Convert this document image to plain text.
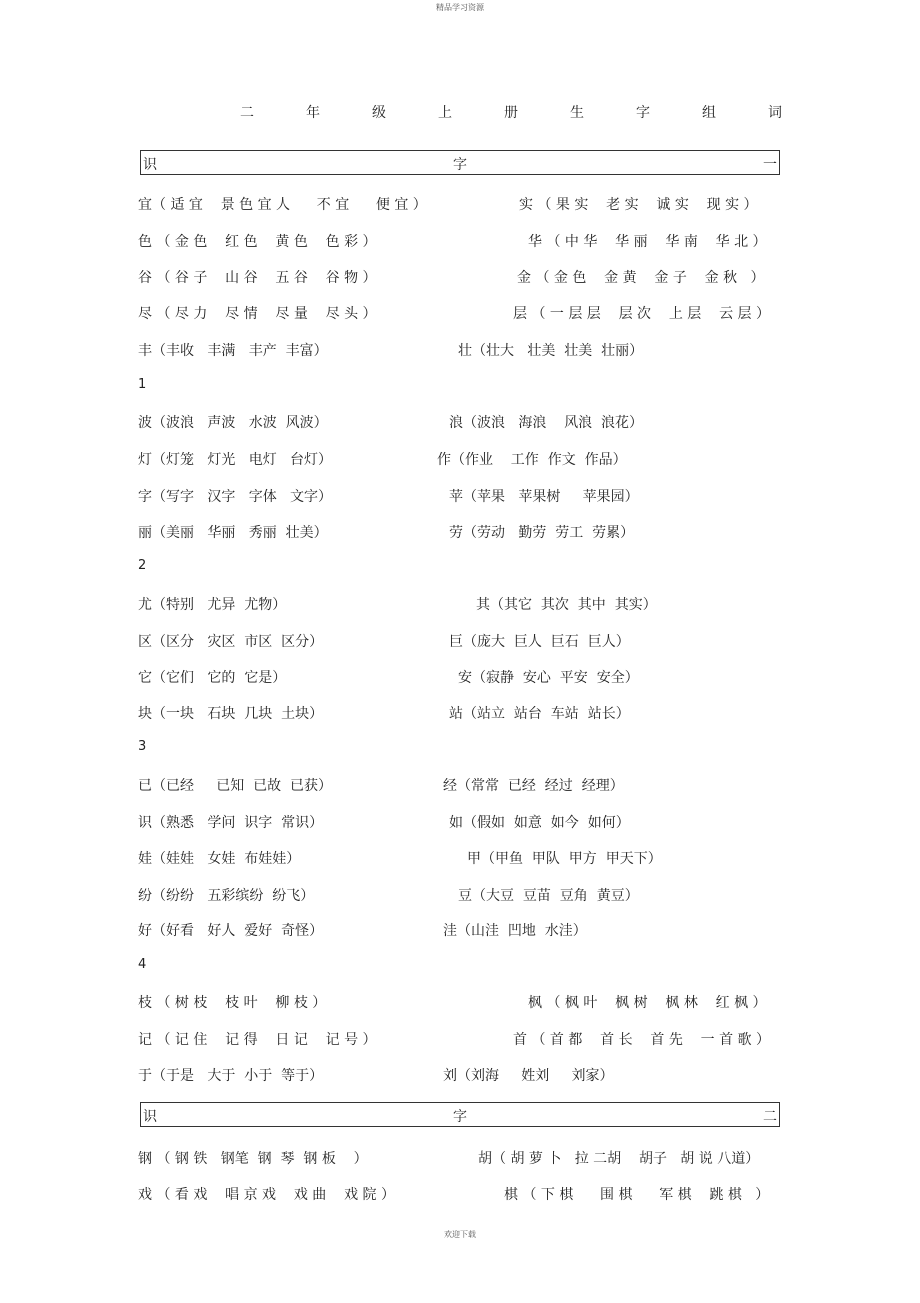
精品学习资源
二	年	级	上	册	生	字	组	词
识	字	一
宜（ 适 宜    景 色 宜 人      不 宜      便 宜 ）	实 （ 果 实    老 实    诚 实    现 实 ）
色 （ 金 色    红 色    黄 色    色 彩 ）	华 （ 中 华    华 丽    华 南    华 北 ）
谷 （ 谷 子    山 谷    五 谷    谷 物 ）	金 （ 金 色    金 黄    金 子    金 秋   ）
尽 （ 尽 力    尽 情    尽 量    尽 头 ）	层 （ 一 层 层    层 次    上 层    云 层 ）
丰（丰收   丰满   丰产  丰富）	壮（壮大   壮美  壮美  壮丽）
1
波（波浪   声波   水波  风波）	浪（波浪   海浪    风浪  浪花）
灯（灯笼   灯光   电灯   台灯）	作（作业    工作  作文  作品）
字（写字   汉字   字体   文字）	苹（苹果   苹果树     苹果园）
丽（美丽   华丽   秀丽  壮美）	劳（劳动   勤劳  劳工  劳累）
2
尤（特别   尤异  尤物）	其（其它  其次  其中  其实）
区（区分   灾区  市区  区分）	巨（庞大  巨人  巨石  巨人）
它（它们   它的  它是）	安（寂静  安心  平安  安全）
块（一块   石块  几块  土块）	站（站立  站台  车站  站长）
3
已（已经     已知  已故  已获）	经（常常  已经  经过  经理）
识（熟悉   学问  识字  常识）	如（假如  如意  如今  如何）
娃（娃娃   女娃  布娃娃）	甲（甲鱼  甲队  甲方  甲天下）
纷（纷纷   五彩缤纷  纷飞）	豆（大豆  豆苗  豆角  黄豆）
好（好看   好人  爱好  奇怪）	洼（山洼  凹地  水洼）
4
枝 （ 树 枝    枝 叶    柳 枝 ）	枫 （ 枫 叶    枫 树    枫 林    红 枫 ）
记 （ 记 住    记 得    日 记    记 号 ）	首 （ 首 都    首 长    首 先    一 首 歌 ）
于（于是   大于  小于  等于）	刘（刘海     姓刘     刘家）
识	字	二
钢 （ 钢 铁   钢笔  钢  琴  钢 板    ）	胡（ 胡 萝 卜   拉 二胡    胡子   胡 说 八道）
戏 （ 看 戏    唱 京 戏    戏 曲    戏 院 ）	棋 （ 下 棋      围 棋      军 棋    跳 棋   ）
欢迎下载
